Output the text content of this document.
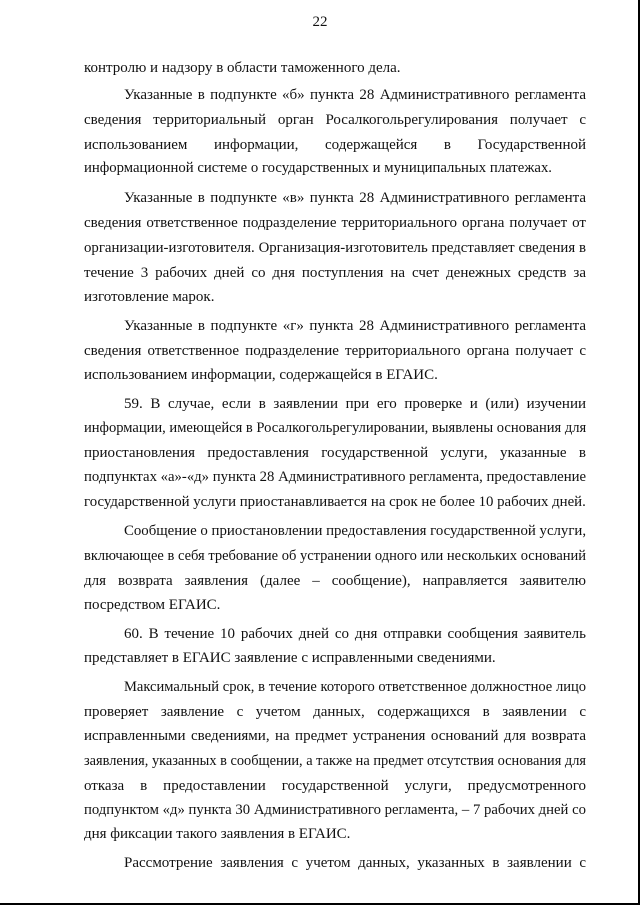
22
контролю и надзору в области таможенного дела.
Указанные в подпункте «б» пункта 28 Административного регламента
сведения территориальный орган Росалкогольрегулирования получает с
использованием информации, содержащейся в Государственной
информационной системе о государственных и муниципальных платежах.
Указанные в подпункте «в» пункта 28 Административного регламента
сведения ответственное подразделение территориального органа получает от
организации-изготовителя. Организация-изготовитель представляет сведения в
течение 3 рабочих дней со дня поступления на счет денежных средств за
изготовление марок.
Указанные в подпункте «г» пункта 28 Административного регламента
сведения ответственное подразделение территориального органа получает с
использованием информации, содержащейся в ЕГАИС.
59. В случае, если в заявлении при его проверке и (или) изучении
информации, имеющейся в Росалкогольрегулировании, выявлены основания для
приостановления предоставления государственной услуги, указанные в
подпунктах «а»-«д» пункта 28 Административного регламента, предоставление
государственной услуги приостанавливается на срок не более 10 рабочих дней.
Сообщение о приостановлении предоставления государственной услуги,
включающее в себя требование об устранении одного или нескольких оснований
для возврата заявления (далее – сообщение), направляется заявителю
посредством ЕГАИС.
60. В течение 10 рабочих дней со дня отправки сообщения заявитель
представляет в ЕГАИС заявление с исправленными сведениями.
Максимальный срок, в течение которого ответственное должностное лицо
проверяет заявление с учетом данных, содержащихся в заявлении с
исправленными сведениями, на предмет устранения оснований для возврата
заявления, указанных в сообщении, а также на предмет отсутствия основания для
отказа в предоставлении государственной услуги, предусмотренного
подпунктом «д» пункта 30 Административного регламента, – 7 рабочих дней со
дня фиксации такого заявления в ЕГАИС.
Рассмотрение заявления с учетом данных, указанных в заявлении с
